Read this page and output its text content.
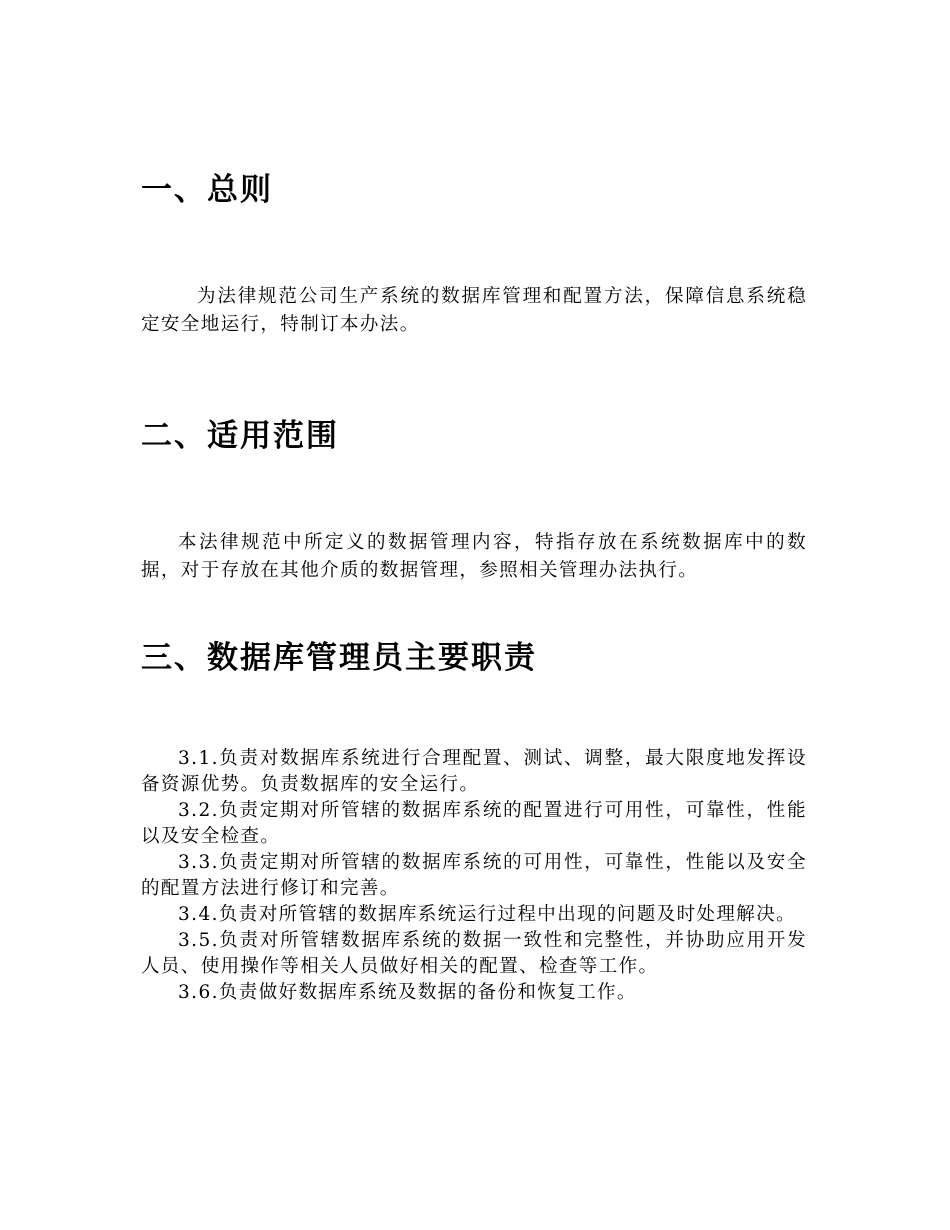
一、总则

为法律规范公司生产系统的数据库管理和配置方法，保障信息系统稳定安全地运行，特制订本办法。

二、适用范围

本法律规范中所定义的数据管理内容，特指存放在系统数据库中的数据，对于存放在其他介质的数据管理，参照相关管理办法执行。

三、数据库管理员主要职责
3.1.负责对数据库系统进行合理配置、测试、调整，最大限度地发挥设备资源优势。负责数据库的安全运行。
3.2.负责定期对所管辖的数据库系统的配置进行可用性，可靠性，性能以及安全检查。
3.3.负责定期对所管辖的数据库系统的可用性，可靠性，性能以及安全的配置方法进行修订和完善。
3.4.负责对所管辖的数据库系统运行过程中出现的问题及时处理解决。
3.5.负责对所管辖数据库系统的数据一致性和完整性，并协助应用开发人员、使用操作等相关人员做好相关的配置、检查等工作。
3.6.负责做好数据库系统及数据的备份和恢复工作。
